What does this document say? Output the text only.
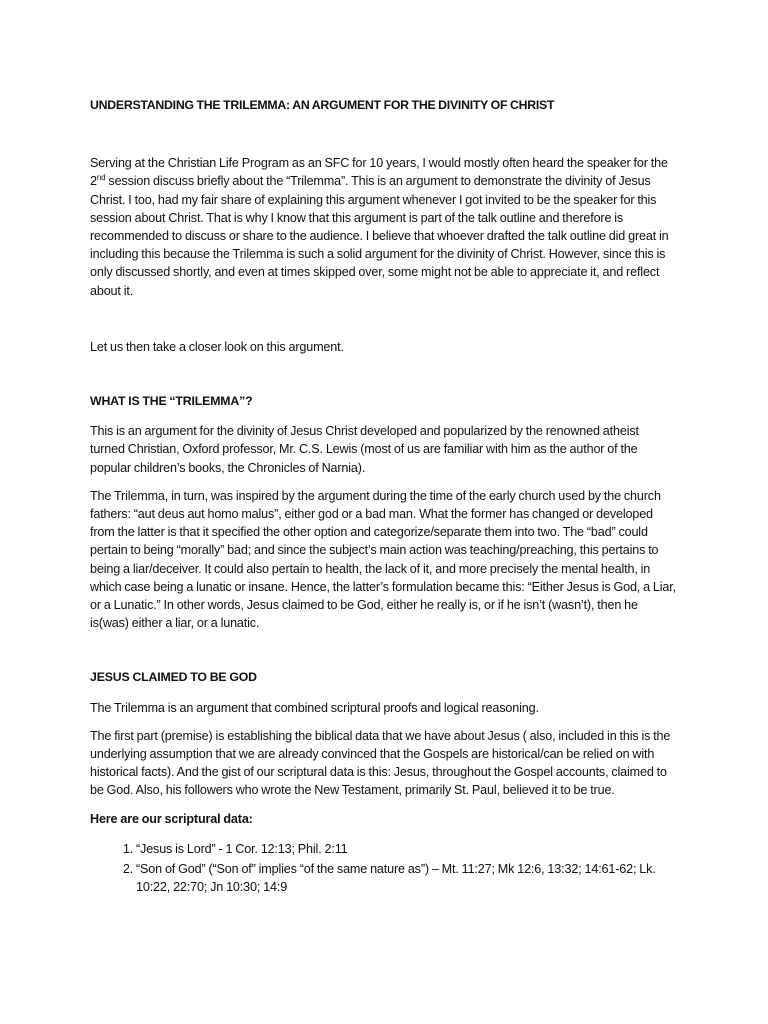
UNDERSTANDING THE TRILEMMA: AN ARGUMENT FOR THE DIVINITY OF CHRIST

Serving at the Christian Life Program as an SFC for 10 years, I would mostly often heard the speaker for the 2nd session discuss briefly about the “Trilemma”. This is an argument to demonstrate the divinity of Jesus Christ. I too, had my fair share of explaining this argument whenever I got invited to be the speaker for this session about Christ. That is why I know that this argument is part of the talk outline and therefore is recommended to discuss or share to the audience. I believe that whoever drafted the talk outline did great in including this because the Trilemma is such a solid argument for the divinity of Christ. However, since this is only discussed shortly, and even at times skipped over, some might not be able to appreciate it, and reflect about it.

Let us then take a closer look on this argument.

WHAT IS THE “TRILEMMA”?

This is an argument for the divinity of Jesus Christ developed and popularized by the renowned atheist turned Christian, Oxford professor, Mr. C.S. Lewis (most of us are familiar with him as the author of the popular children’s books, the Chronicles of Narnia).

The Trilemma, in turn, was inspired by the argument during the time of the early church used by the church fathers: “aut deus aut homo malus”, either god or a bad man. What the former has changed or developed from the latter is that it specified the other option and categorize/separate them into two. The “bad” could pertain to being “morally” bad; and since the subject’s main action was teaching/preaching, this pertains to being a liar/deceiver. It could also pertain to health, the lack of it, and more precisely the mental health, in which case being a lunatic or insane. Hence, the latter’s formulation became this: “Either Jesus is God, a Liar, or a Lunatic.” In other words, Jesus claimed to be God, either he really is, or if he isn’t (wasn’t), then he is(was) either a liar, or a lunatic.

JESUS CLAIMED TO BE GOD

The Trilemma is an argument that combined scriptural proofs and logical reasoning.

The first part (premise) is establishing the biblical data that we have about Jesus ( also, included in this is the underlying assumption that we are already convinced that the Gospels are historical/can be relied on with historical facts). And the gist of our scriptural data is this: Jesus, throughout the Gospel accounts, claimed to be God. Also, his followers who wrote the New Testament, primarily St. Paul, believed it to be true.

Here are our scriptural data:
1. “Jesus is Lord” - 1 Cor. 12:13; Phil. 2:11
2. “Son of God” (“Son of” implies “of the same nature as”) – Mt. 11:27; Mk 12:6, 13:32; 14:61-62; Lk. 10:22, 22:70; Jn 10:30; 14:9
